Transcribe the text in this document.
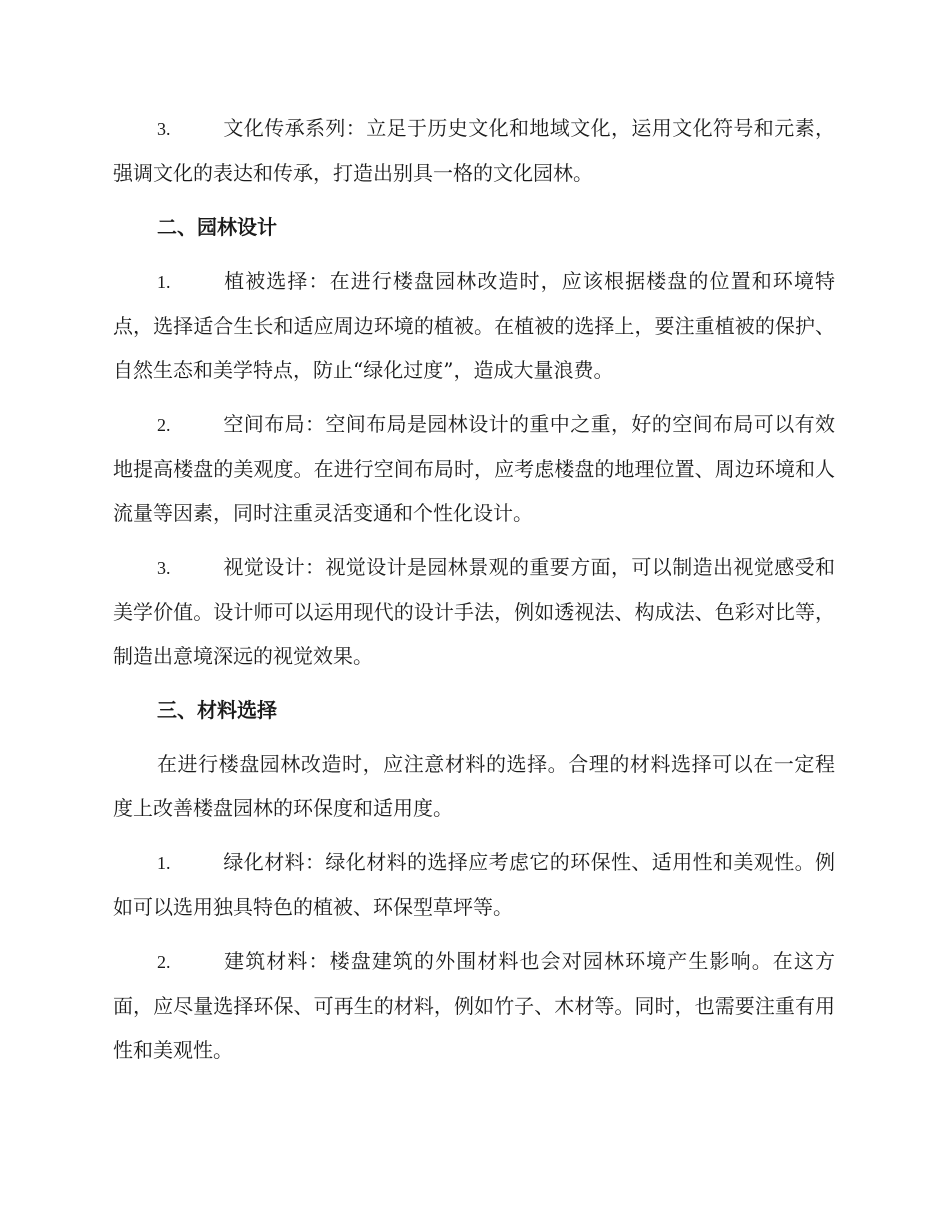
3.	文化传承系列：立足于历史文化和地域文化，运用文化符号和元素，强调文化的表达和传承，打造出别具一格的文化园林。

二、园林设计

1.	植被选择：在进行楼盘园林改造时，应该根据楼盘的位置和环境特点，选择适合生长和适应周边环境的植被。在植被的选择上，要注重植被的保护、自然生态和美学特点，防止“绿化过度”，造成大量浪费。

2.	空间布局：空间布局是园林设计的重中之重，好的空间布局可以有效地提高楼盘的美观度。在进行空间布局时，应考虑楼盘的地理位置、周边环境和人流量等因素，同时注重灵活变通和个性化设计。

3.	视觉设计：视觉设计是园林景观的重要方面，可以制造出视觉感受和美学价值。设计师可以运用现代的设计手法，例如透视法、构成法、色彩对比等，制造出意境深远的视觉效果。

三、材料选择

在进行楼盘园林改造时，应注意材料的选择。合理的材料选择可以在一定程度上改善楼盘园林的环保度和适用度。

1.	绿化材料：绿化材料的选择应考虑它的环保性、适用性和美观性。例如可以选用独具特色的植被、环保型草坪等。

2.	建筑材料：楼盘建筑的外围材料也会对园林环境产生影响。在这方面，应尽量选择环保、可再生的材料，例如竹子、木材等。同时，也需要注重有用性和美观性。
